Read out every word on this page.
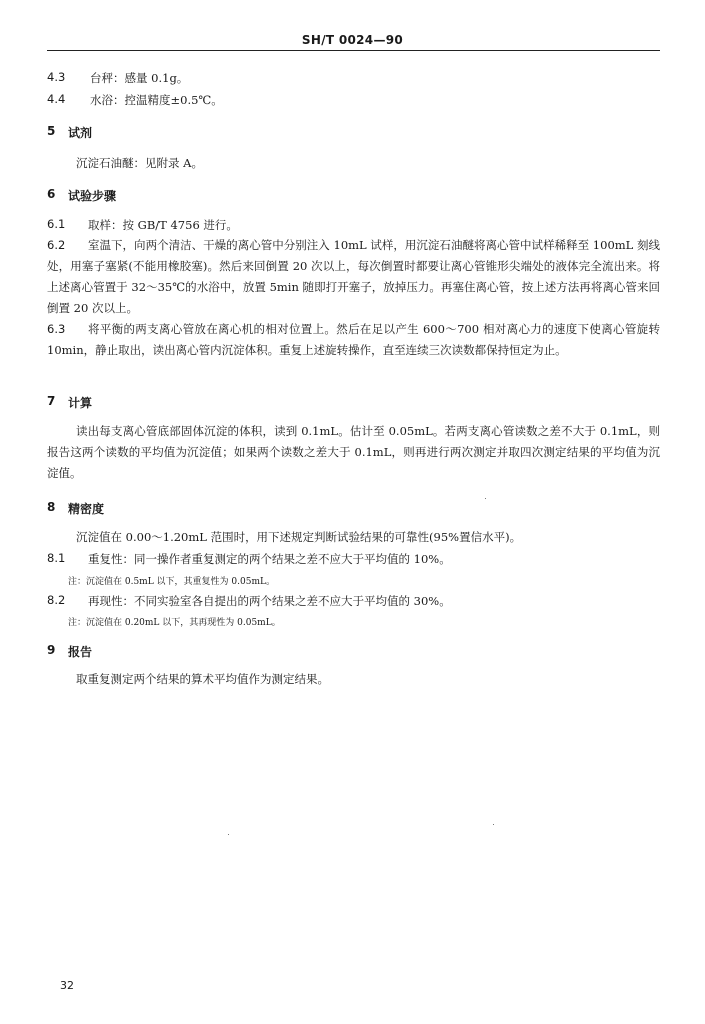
SH/T 0024—90
4.3 台秤：感量 0.1g。
4.4 水浴：控温精度±0.5℃。
5 试剂
沉淀石油醚：见附录 A。
6 试验步骤
6.1 取样：按 GB/T 4756 进行。
6.2	室温下，向两个清洁、干燥的离心管中分别注入 10mL 试样，用沉淀石油醚将离心管中试样稀释至 100mL 刻线处，用塞子塞紧(不能用橡胶塞)。然后来回倒置 20 次以上，每次倒置时都要让离心管锥形尖端处的液体完全流出来。将上述离心管置于 32～35℃的水浴中，放置 5min 随即打开塞子，放掉压力。再塞住离心管，按上述方法再将离心管来回倒置 20 次以上。
6.3	将平衡的两支离心管放在离心机的相对位置上。然后在足以产生 600～700 相对离心力的速度下使离心管旋转 10min，静止取出，读出离心管内沉淀体积。重复上述旋转操作，直至连续三次读数都保持恒定为止。
7 计算
读出每支离心管底部固体沉淀的体积，读到 0.1mL。估计至 0.05mL。若两支离心管读数之差不大于 0.1mL，则报告这两个读数的平均值为沉淀值；如果两个读数之差大于 0.1mL，则再进行两次测定并取四次测定结果的平均值为沉淀值。
8 精密度
沉淀值在 0.00～1.20mL 范围时，用下述规定判断试验结果的可靠性(95%置信水平)。
8.1 重复性：同一操作者重复测定的两个结果之差不应大于平均值的 10%。
注：沉淀值在 0.5mL 以下，其重复性为 0.05mL。
8.2 再现性：不同实验室各自提出的两个结果之差不应大于平均值的 30%。
注：沉淀值在 0.20mL 以下，其再现性为 0.05mL。
9 报告
取重复测定两个结果的算术平均值作为测定结果。
32
